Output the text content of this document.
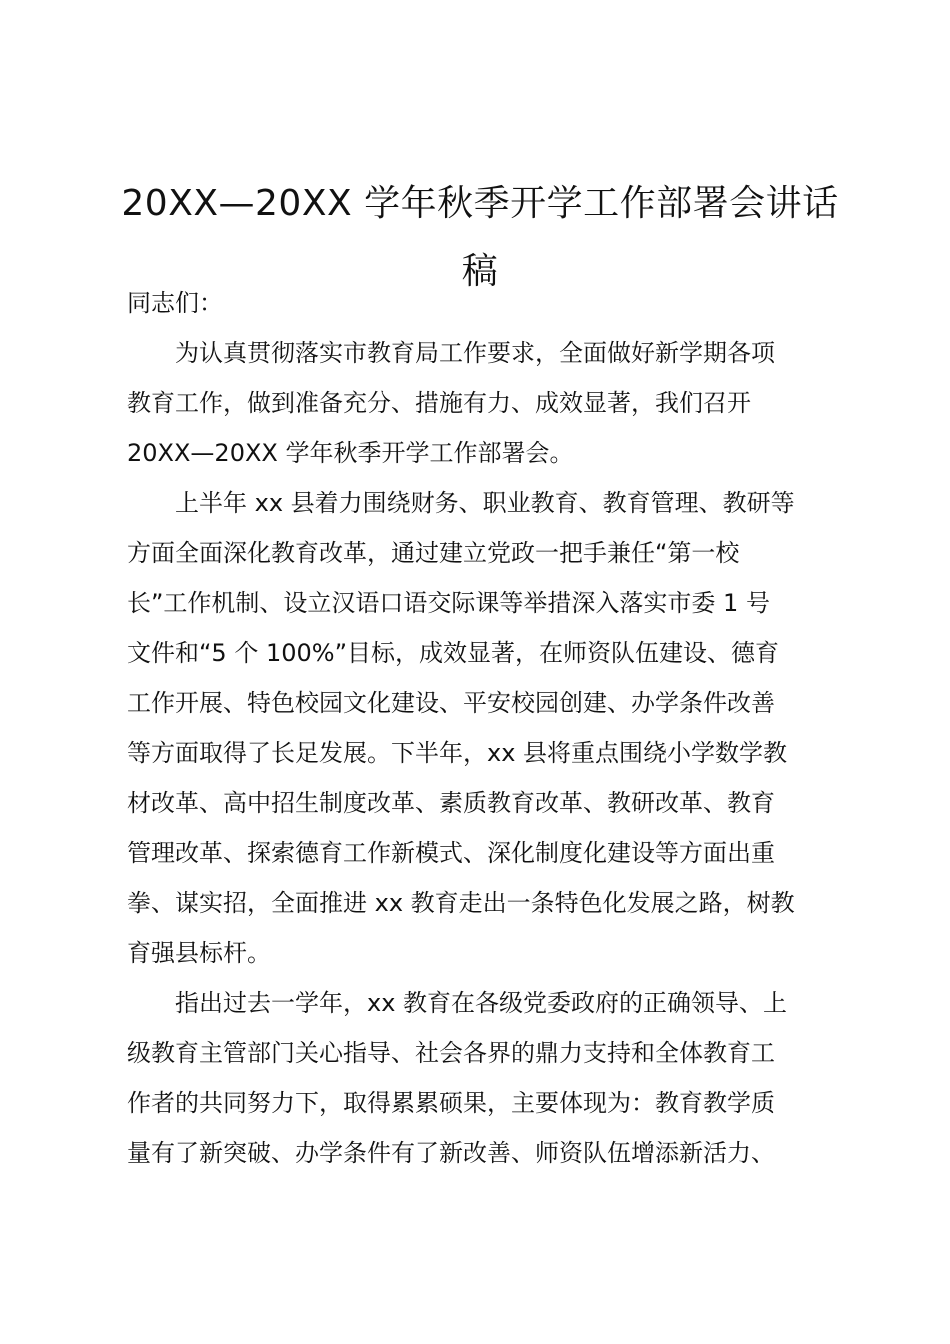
20XX—20XX 学年秋季开学工作部署会讲话
稿
同志们：
　　为认真贯彻落实市教育局工作要求，全面做好新学期各项
教育工作，做到准备充分、措施有力、成效显著，我们召开
20XX—20XX 学年秋季开学工作部署会。
　　上半年 xx 县着力围绕财务、职业教育、教育管理、教研等
方面全面深化教育改革，通过建立党政一把手兼任“第一校
长”工作机制、设立汉语口语交际课等举措深入落实市委 1 号
文件和“5 个 100%”目标，成效显著，在师资队伍建设、德育
工作开展、特色校园文化建设、平安校园创建、办学条件改善
等方面取得了长足发展。下半年，xx 县将重点围绕小学数学教
材改革、高中招生制度改革、素质教育改革、教研改革、教育
管理改革、探索德育工作新模式、深化制度化建设等方面出重
拳、谋实招，全面推进 xx 教育走出一条特色化发展之路，树教
育强县标杆。
　　指出过去一学年，xx 教育在各级党委政府的正确领导、上
级教育主管部门关心指导、社会各界的鼎力支持和全体教育工
作者的共同努力下，取得累累硕果，主要体现为：教育教学质
量有了新突破、办学条件有了新改善、师资队伍增添新活力、
